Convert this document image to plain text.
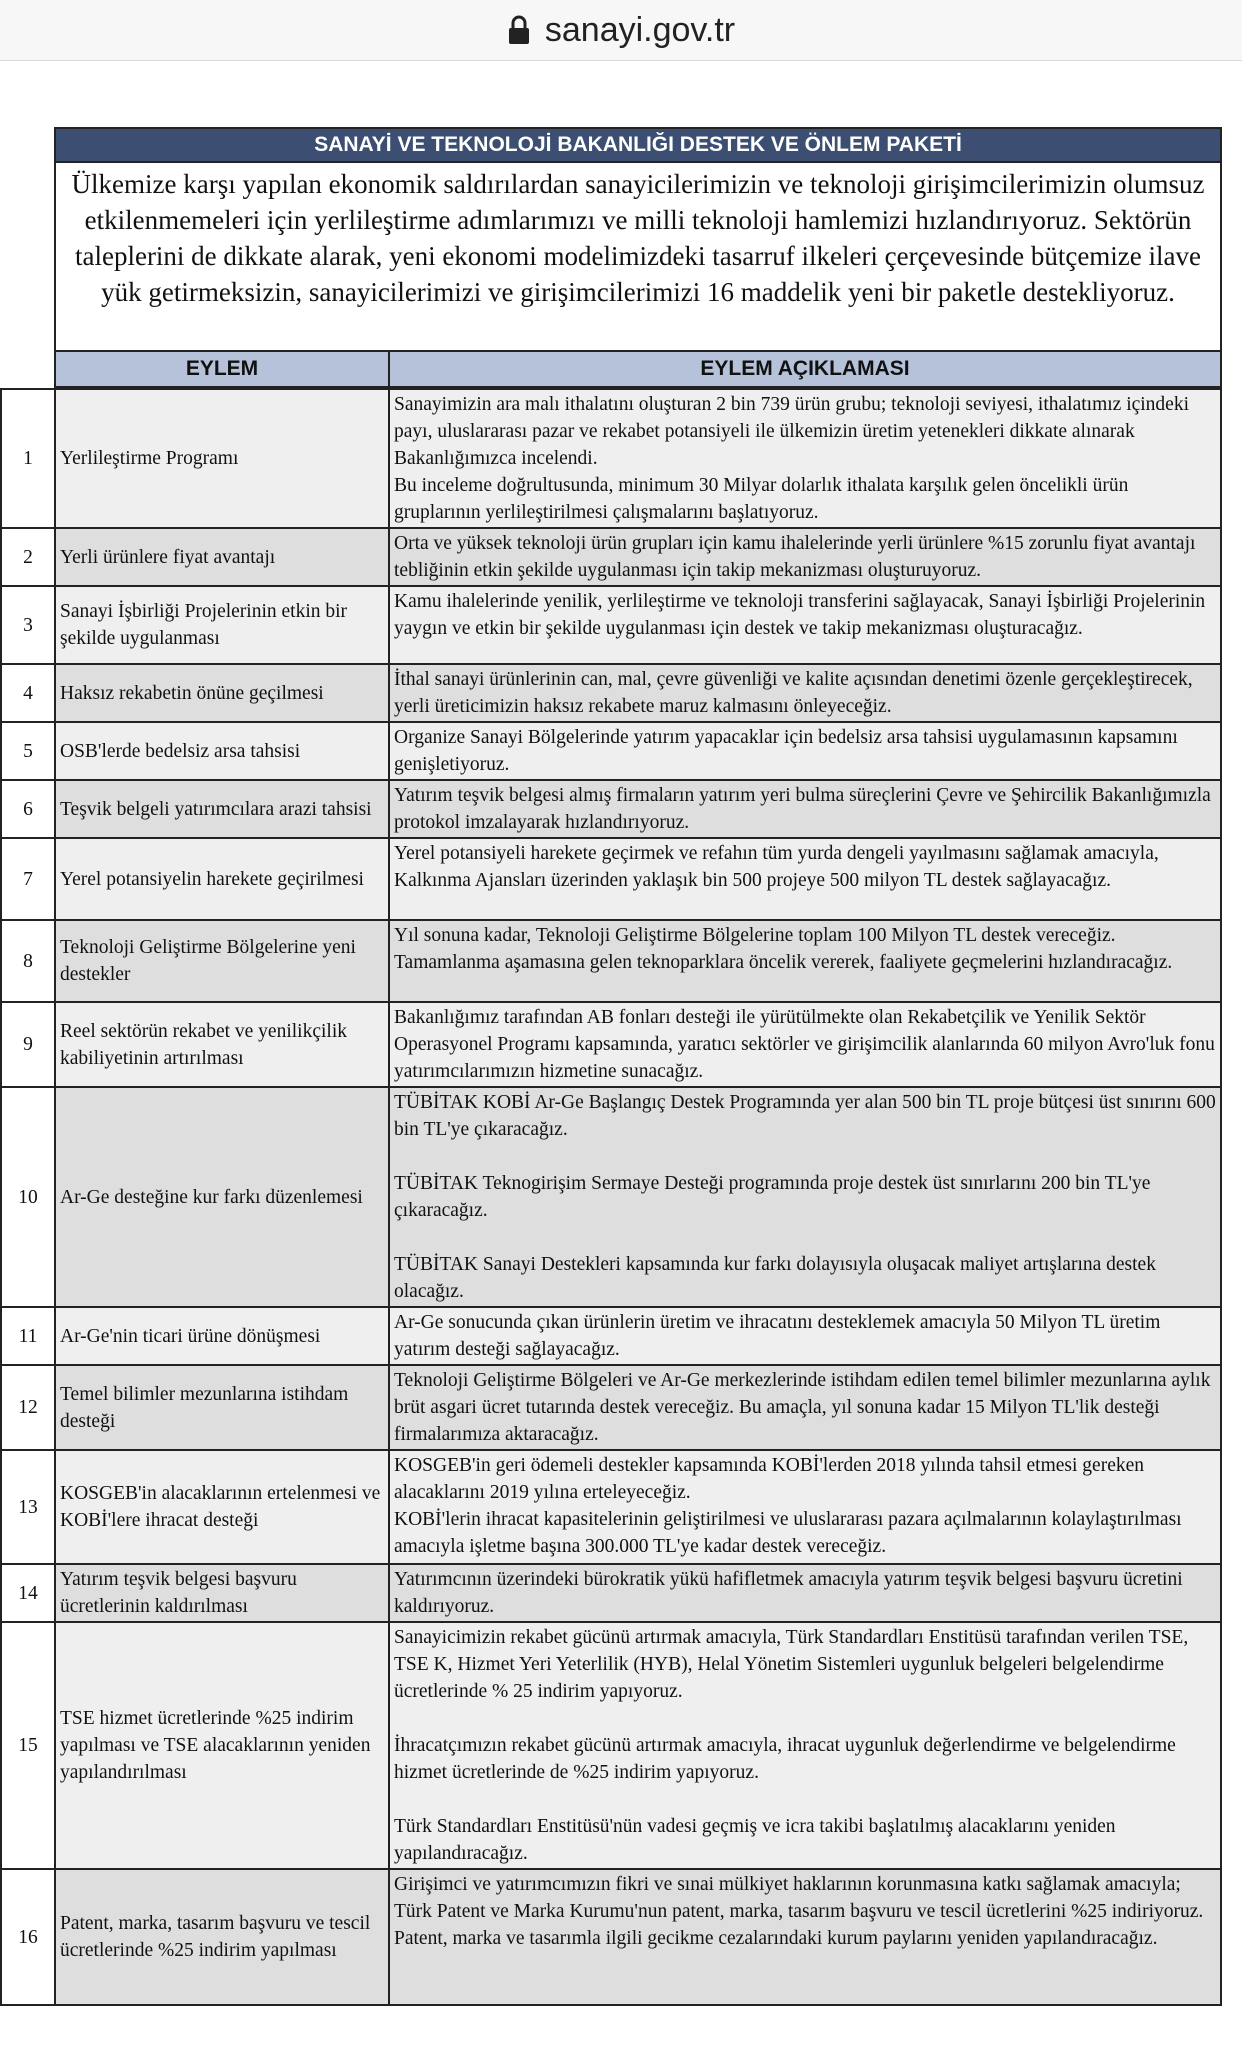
sanayi.gov.tr
SANAYİ VE TEKNOLOJİ BAKANLIĞI DESTEK VE ÖNLEM PAKETİ
Ülkemize karşı yapılan ekonomik saldırılardan sanayicilerimizin ve teknoloji girişimcilerimizin olumsuz etkilenmemeleri için yerlileştirme adımlarımızı ve milli teknoloji hamlemizi hızlandırıyoruz. Sektörün taleplerini de dikkate alarak, yeni ekonomi modelimizdeki tasarruf ilkeleri çerçevesinde bütçemize ilave yük getirmeksizin, sanayicilerimizi ve girişimcilerimizi 16 maddelik yeni bir paketle destekliyoruz.
EYLEM	EYLEM AÇIKLAMASI
1	Yerlileştirme Programı	Sanayimizin ara malı ithalatını oluşturan 2 bin 739 ürün grubu; teknoloji seviyesi, ithalatımız içindeki payı, uluslararası pazar ve rekabet potansiyeli ile ülkemizin üretim yetenekleri dikkate alınarak Bakanlığımızca incelendi.
Bu inceleme doğrultusunda, minimum 30 Milyar dolarlık ithalata karşılık gelen öncelikli ürün gruplarının yerlileştirilmesi çalışmalarını başlatıyoruz.

2	Yerli ürünlere fiyat avantajı	Orta ve yüksek teknoloji ürün grupları için kamu ihalelerinde yerli ürünlere %15 zorunlu fiyat avantajı tebliğinin etkin şekilde uygulanması için takip mekanizması oluşturuyoruz.

3	Sanayi İşbirliği Projelerinin etkin bir şekilde uygulanması	Kamu ihalelerinde yenilik, yerlileştirme ve teknoloji transferini sağlayacak, Sanayi İşbirliği Projelerinin yaygın ve etkin bir şekilde uygulanması için destek ve takip mekanizması oluşturacağız.

4	Haksız rekabetin önüne geçilmesi	İthal sanayi ürünlerinin can, mal, çevre güvenliği ve kalite açısından denetimi özenle gerçekleştirecek, yerli üreticimizin haksız rekabete maruz kalmasını önleyeceğiz.

5	OSB'lerde bedelsiz arsa tahsisi	Organize Sanayi Bölgelerinde yatırım yapacaklar için bedelsiz arsa tahsisi uygulamasının kapsamını genişletiyoruz.

6	Teşvik belgeli yatırımcılara arazi tahsisi	Yatırım teşvik belgesi almış firmaların yatırım yeri bulma süreçlerini Çevre ve Şehircilik Bakanlığımızla protokol imzalayarak hızlandırıyoruz.

7	Yerel potansiyelin harekete geçirilmesi	Yerel potansiyeli harekete geçirmek ve refahın tüm yurda dengeli yayılmasını sağlamak amacıyla, Kalkınma Ajansları üzerinden yaklaşık bin 500 projeye 500 milyon TL destek sağlayacağız.

8	Teknoloji Geliştirme Bölgelerine yeni destekler	Yıl sonuna kadar, Teknoloji Geliştirme Bölgelerine toplam 100 Milyon TL destek vereceğiz. Tamamlanma aşamasına gelen teknoparklara öncelik vererek, faaliyete geçmelerini hızlandıracağız.

9	Reel sektörün rekabet ve yenilikçilik kabiliyetinin artırılması	Bakanlığımız tarafından AB fonları desteği ile yürütülmekte olan Rekabetçilik ve Yenilik Sektör Operasyonel Programı kapsamında, yaratıcı sektörler ve girişimcilik alanlarında 60 milyon Avro'luk fonu yatırımcılarımızın hizmetine sunacağız.

10	Ar-Ge desteğine kur farkı düzenlemesi	TÜBİTAK KOBİ Ar-Ge Başlangıç Destek Programında yer alan 500 bin TL proje bütçesi üst sınırını 600 bin TL'ye çıkaracağız.
TÜBİTAK Teknogirişim Sermaye Desteği programında proje destek üst sınırlarını 200 bin TL'ye çıkaracağız.
TÜBİTAK Sanayi Destekleri kapsamında kur farkı dolayısıyla oluşacak maliyet artışlarına destek olacağız.

11	Ar-Ge'nin ticari ürüne dönüşmesi	Ar-Ge sonucunda çıkan ürünlerin üretim ve ihracatını desteklemek amacıyla 50 Milyon TL üretim yatırım desteği sağlayacağız.

12	Temel bilimler mezunlarına istihdam desteği	Teknoloji Geliştirme Bölgeleri ve Ar-Ge merkezlerinde istihdam edilen temel bilimler mezunlarına aylık brüt asgari ücret tutarında destek vereceğiz. Bu amaçla, yıl sonuna kadar 15 Milyon TL'lik desteği firmalarımıza aktaracağız.

13	KOSGEB'in alacaklarının ertelenmesi ve KOBİ'lere ihracat desteği	KOSGEB'in geri ödemeli destekler kapsamında KOBİ'lerden 2018 yılında tahsil etmesi gereken alacaklarını 2019 yılına erteleyeceğiz.
KOBİ'lerin ihracat kapasitelerinin geliştirilmesi ve uluslararası pazara açılmalarının kolaylaştırılması amacıyla işletme başına 300.000 TL'ye kadar destek vereceğiz.

14	Yatırım teşvik belgesi başvuru ücretlerinin kaldırılması	Yatırımcının üzerindeki bürokratik yükü hafifletmek amacıyla yatırım teşvik belgesi başvuru ücretini kaldırıyoruz.

15	TSE hizmet ücretlerinde %25 indirim yapılması ve TSE alacaklarının yeniden yapılandırılması	Sanayicimizin rekabet gücünü artırmak amacıyla, Türk Standardları Enstitüsü tarafından verilen TSE, TSE K, Hizmet Yeri Yeterlilik (HYB), Helal Yönetim Sistemleri uygunluk belgeleri belgelendirme ücretlerinde % 25 indirim yapıyoruz.
İhracatçımızın rekabet gücünü artırmak amacıyla, ihracat uygunluk değerlendirme ve belgelendirme hizmet ücretlerinde de %25 indirim yapıyoruz.
Türk Standardları Enstitüsü'nün vadesi geçmiş ve icra takibi başlatılmış alacaklarını yeniden yapılandıracağız.

16	Patent, marka, tasarım başvuru ve tescil ücretlerinde %25 indirim yapılması	Girişimci ve yatırımcımızın fikri ve sınai mülkiyet haklarının korunmasına katkı sağlamak amacıyla; Türk Patent ve Marka Kurumu'nun patent, marka, tasarım başvuru ve tescil ücretlerini %25 indiriyoruz.
Patent, marka ve tasarımla ilgili gecikme cezalarındaki kurum paylarını yeniden yapılandıracağız.
